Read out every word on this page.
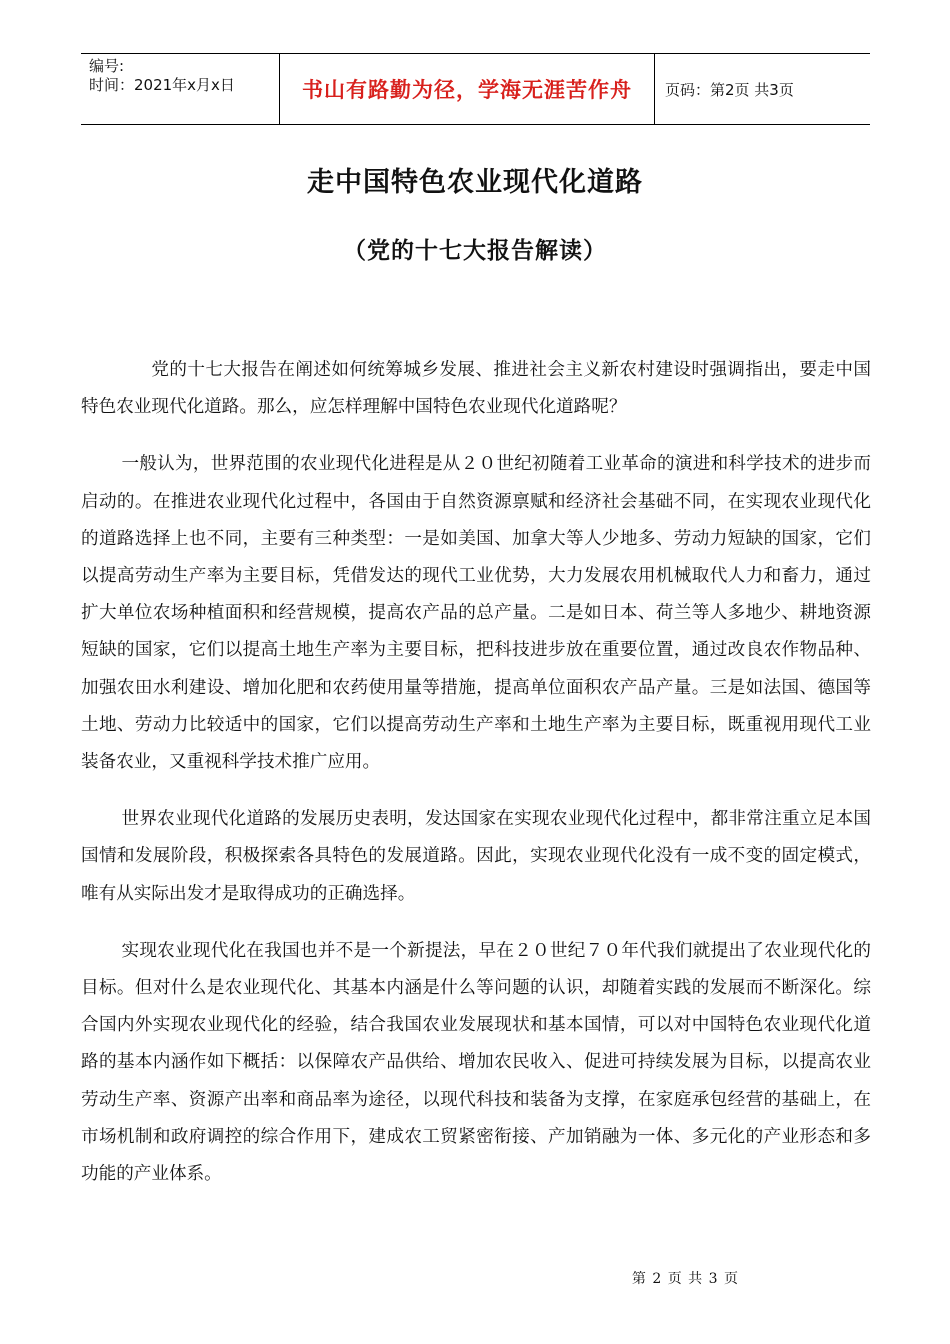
编号:
时间：2021年x月x日	书山有路勤为径，学海无涯苦作舟 页码：第2页 共3页
走中国特色农业现代化道路
（党的十七大报告解读）

党的十七大报告在阐述如何统筹城乡发展、推进社会主义新农村建设时强调指出，要走中国特色农业现代化道路。那么，应怎样理解中国特色农业现代化道路呢？

一般认为，世界范围的农业现代化进程是从２０世纪初随着工业革命的演进和科学技术的进步而启动的。在推进农业现代化过程中，各国由于自然资源禀赋和经济社会基础不同，在实现农业现代化的道路选择上也不同，主要有三种类型：一是如美国、加拿大等人少地多、劳动力短缺的国家，它们以提高劳动生产率为主要目标，凭借发达的现代工业优势，大力发展农用机械取代人力和畜力，通过扩大单位农场种植面积和经营规模，提高农产品的总产量。二是如日本、荷兰等人多地少、耕地资源短缺的国家，它们以提高土地生产率为主要目标，把科技进步放在重要位置，通过改良农作物品种、加强农田水利建设、增加化肥和农药使用量等措施，提高单位面积农产品产量。三是如法国、德国等土地、劳动力比较适中的国家，它们以提高劳动生产率和土地生产率为主要目标，既重视用现代工业装备农业，又重视科学技术推广应用。

世界农业现代化道路的发展历史表明，发达国家在实现农业现代化过程中，都非常注重立足本国国情和发展阶段，积极探索各具特色的发展道路。因此，实现农业现代化没有一成不变的固定模式，唯有从实际出发才是取得成功的正确选择。

实现农业现代化在我国也并不是一个新提法，早在２０世纪７０年代我们就提出了农业现代化的目标。但对什么是农业现代化、其基本内涵是什么等问题的认识，却随着实践的发展而不断深化。综合国内外实现农业现代化的经验，结合我国农业发展现状和基本国情，可以对中国特色农业现代化道路的基本内涵作如下概括：以保障农产品供给、增加农民收入、促进可持续发展为目标，以提高农业劳动生产率、资源产出率和商品率为途径，以现代科技和装备为支撑，在家庭承包经营的基础上，在市场机制和政府调控的综合作用下，建成农工贸紧密衔接、产加销融为一体、多元化的产业形态和多功能的产业体系。

第 2 页 共 3 页
